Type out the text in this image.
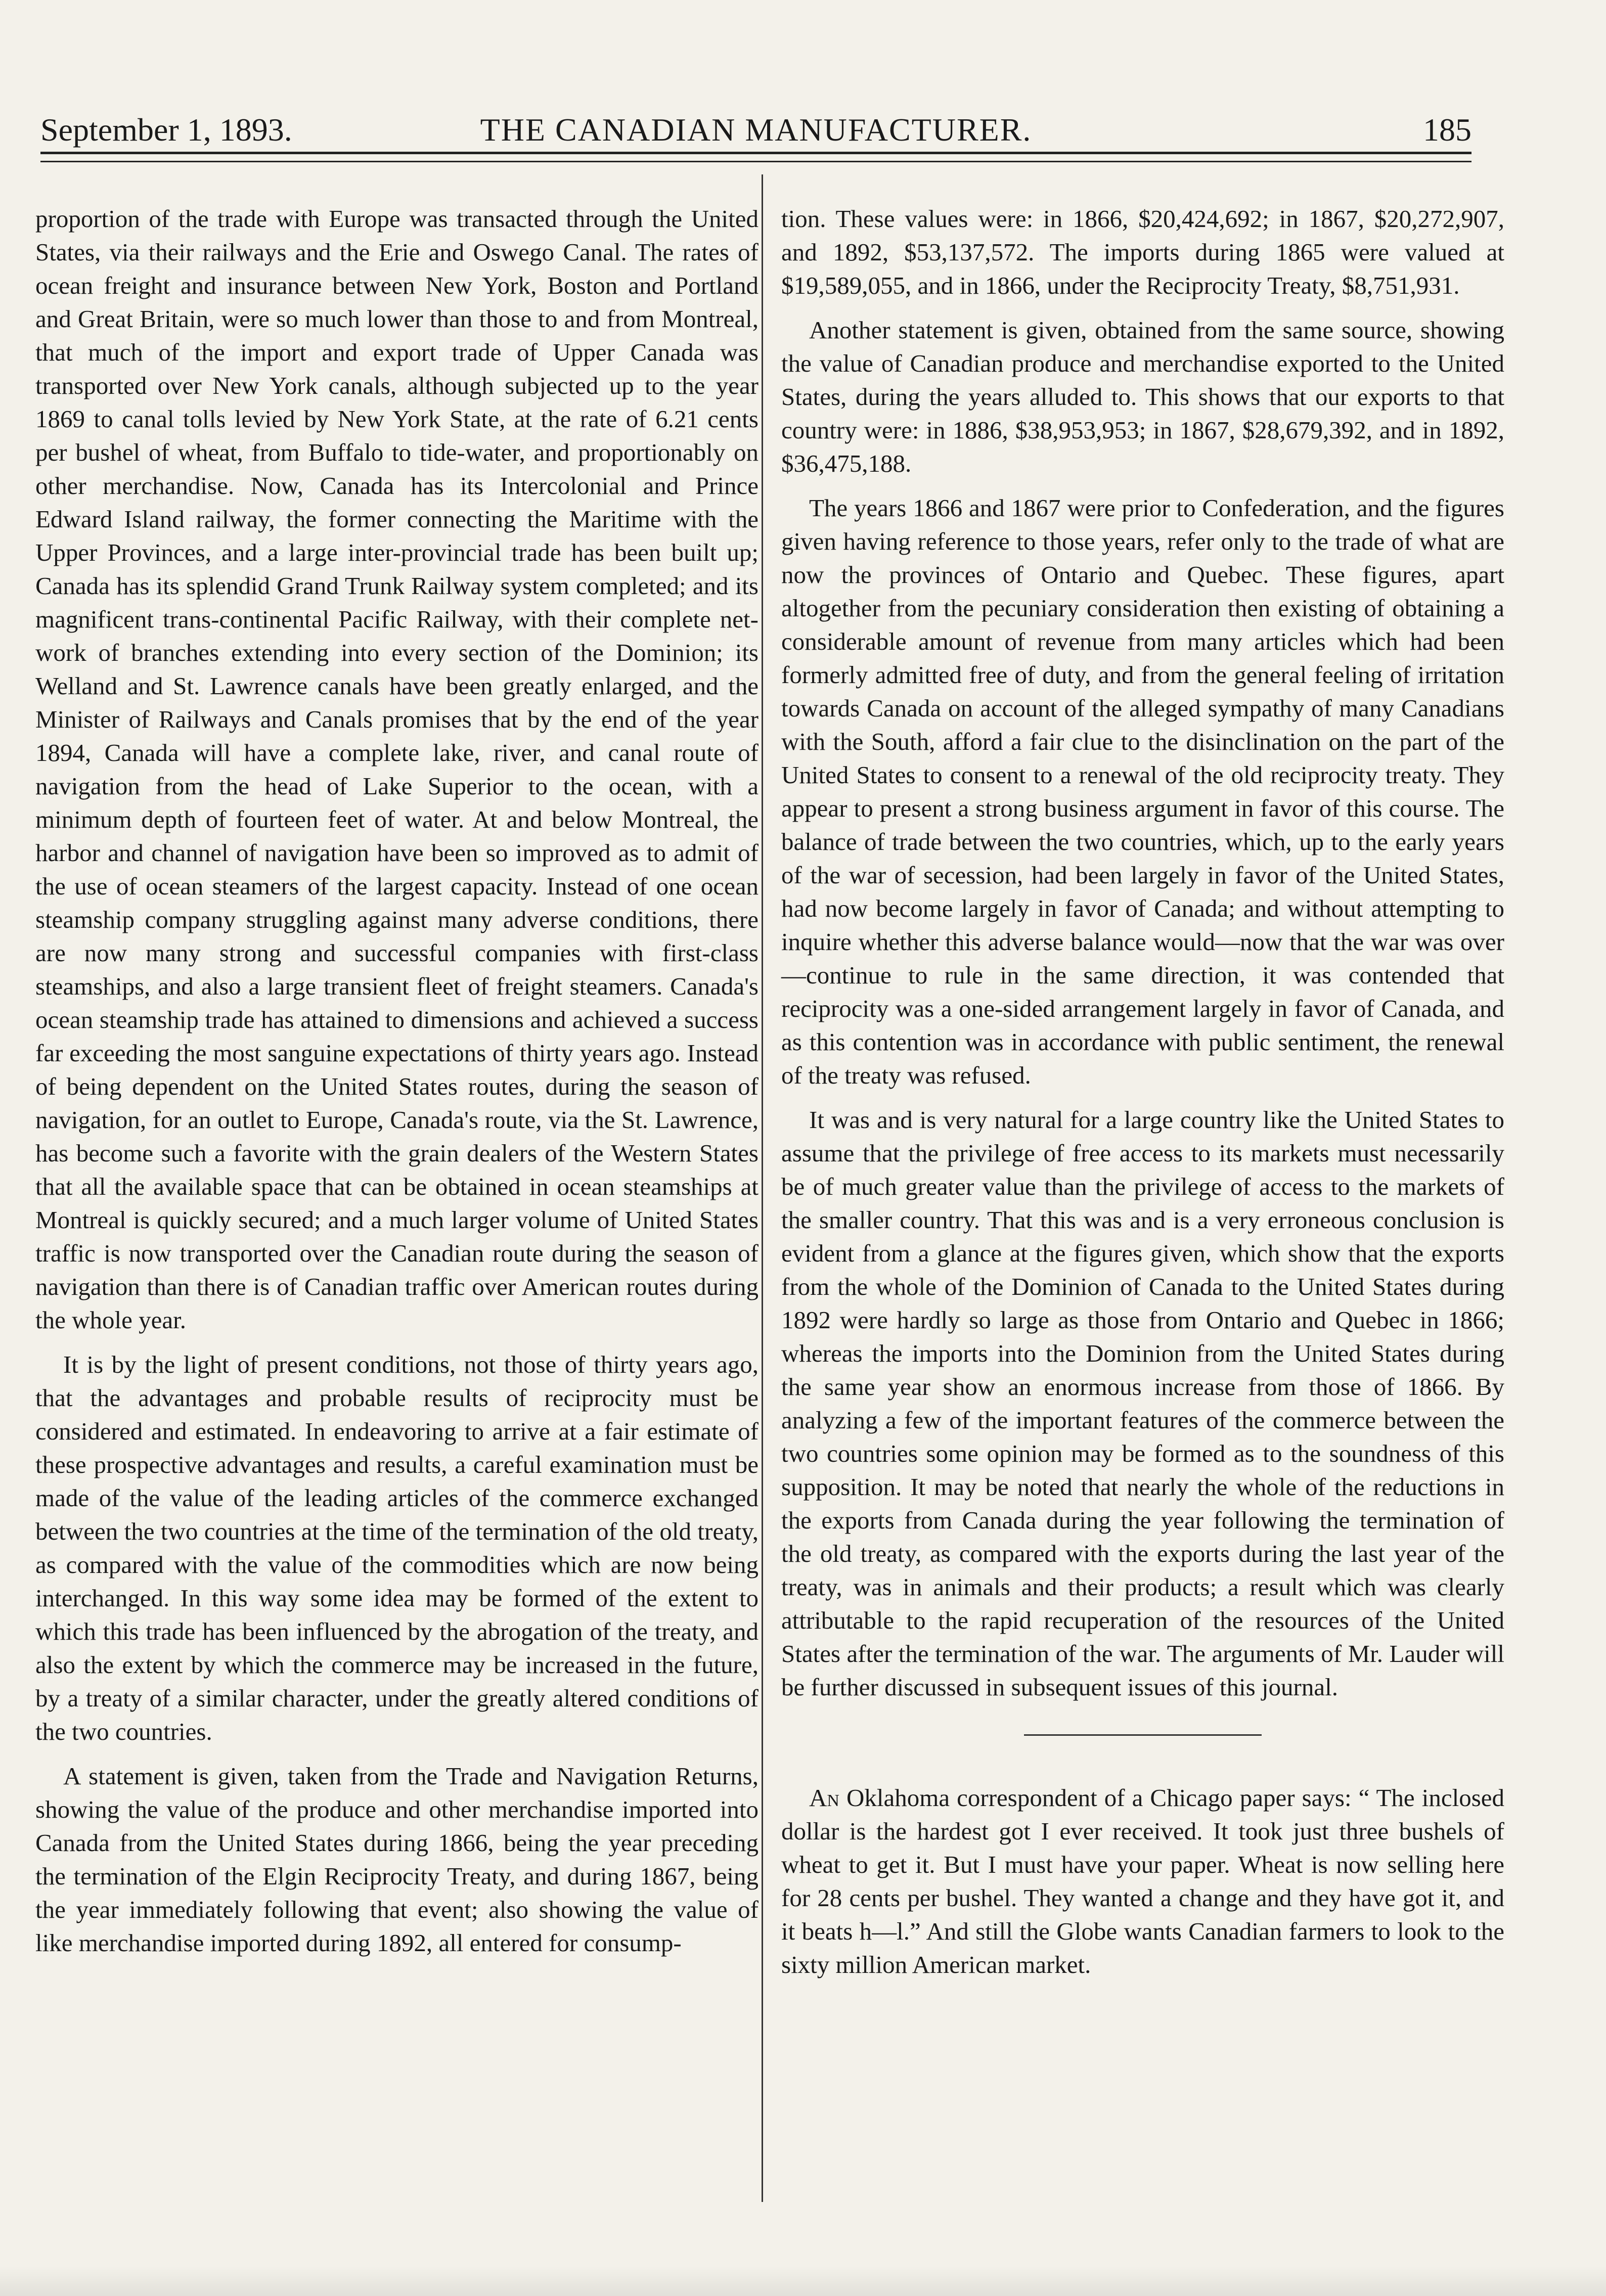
September 1, 1893.	THE CANADIAN MANUFACTURER.	185

proportion of the trade with Europe was transacted through the United States, via their railways and the Erie and Oswego Canal. The rates of ocean freight and insurance between New York, Boston and Portland and Great Britain, were so much lower than those to and from Montreal, that much of the import and export trade of Upper Canada was transported over New York canals, although subjected up to the year 1869 to canal tolls levied by New York State, at the rate of 6.21 cents per bushel of wheat, from Buffalo to tide-water, and proportionably on other merchandise. Now, Canada has its Intercolonial and Prince Edward Island railway, the former connecting the Maritime with the Upper Provinces, and a large inter-provincial trade has been built up; Canada has its splendid Grand Trunk Railway system completed; and its magnificent trans-continental Pacific Railway, with their complete net-work of branches extending into every section of the Dominion; its Welland and St. Lawrence canals have been greatly enlarged, and the Minister of Railways and Canals promises that by the end of the year 1894, Canada will have a complete lake, river, and canal route of navigation from the head of Lake Superior to the ocean, with a minimum depth of fourteen feet of water. At and below Montreal, the harbor and channel of navigation have been so improved as to admit of the use of ocean steamers of the largest capacity. Instead of one ocean steamship company struggling against many adverse conditions, there are now many strong and successful companies with first-class steamships, and also a large transient fleet of freight steamers. Canada's ocean steamship trade has attained to dimensions and achieved a success far exceeding the most sanguine expectations of thirty years ago. Instead of being dependent on the United States routes, during the season of navigation, for an outlet to Europe, Canada's route, via the St. Lawrence, has become such a favorite with the grain dealers of the Western States that all the available space that can be obtained in ocean steamships at Montreal is quickly secured; and a much larger volume of United States traffic is now transported over the Canadian route during the season of navigation than there is of Canadian traffic over American routes during the whole year.

It is by the light of present conditions, not those of thirty years ago, that the advantages and probable results of reciprocity must be considered and estimated. In endeavoring to arrive at a fair estimate of these prospective advantages and results, a careful examination must be made of the value of the leading articles of the commerce exchanged between the two countries at the time of the termination of the old treaty, as compared with the value of the commodities which are now being interchanged. In this way some idea may be formed of the extent to which this trade has been influenced by the abrogation of the treaty, and also the extent by which the commerce may be increased in the future, by a treaty of a similar character, under the greatly altered conditions of the two countries.

A statement is given, taken from the Trade and Navigation Returns, showing the value of the produce and other merchandise imported into Canada from the United States during 1866, being the year preceding the termination of the Elgin Reciprocity Treaty, and during 1867, being the year immediately following that event; also showing the value of like merchandise imported during 1892, all entered for consump-

tion. These values were: in 1866, $20,424,692; in 1867, $20,272,907, and 1892, $53,137,572. The imports during 1865 were valued at $19,589,055, and in 1866, under the Reciprocity Treaty, $8,751,931.

Another statement is given, obtained from the same source, showing the value of Canadian produce and merchandise exported to the United States, during the years alluded to. This shows that our exports to that country were: in 1886, $38,953,953; in 1867, $28,679,392, and in 1892, $36,475,188.

The years 1866 and 1867 were prior to Confederation, and the figures given having reference to those years, refer only to the trade of what are now the provinces of Ontario and Quebec. These figures, apart altogether from the pecuniary consideration then existing of obtaining a considerable amount of revenue from many articles which had been formerly admitted free of duty, and from the general feeling of irritation towards Canada on account of the alleged sympathy of many Canadians with the South, afford a fair clue to the disinclination on the part of the United States to consent to a renewal of the old reciprocity treaty. They appear to present a strong business argument in favor of this course. The balance of trade between the two countries, which, up to the early years of the war of secession, had been largely in favor of the United States, had now become largely in favor of Canada; and without attempting to inquire whether this adverse balance would—now that the war was over—continue to rule in the same direction, it was contended that reciprocity was a one-sided arrangement largely in favor of Canada, and as this contention was in accordance with public sentiment, the renewal of the treaty was refused.

It was and is very natural for a large country like the United States to assume that the privilege of free access to its markets must necessarily be of much greater value than the privilege of access to the markets of the smaller country. That this was and is a very erroneous conclusion is evident from a glance at the figures given, which show that the exports from the whole of the Dominion of Canada to the United States during 1892 were hardly so large as those from Ontario and Quebec in 1866; whereas the imports into the Dominion from the United States during the same year show an enormous increase from those of 1866. By analyzing a few of the important features of the commerce between the two countries some opinion may be formed as to the soundness of this supposition. It may be noted that nearly the whole of the reductions in the exports from Canada during the year following the termination of the old treaty, as compared with the exports during the last year of the treaty, was in animals and their products; a result which was clearly attributable to the rapid recuperation of the resources of the United States after the termination of the war. The arguments of Mr. Lauder will be further discussed in subsequent issues of this journal.

An Oklahoma correspondent of a Chicago paper says: “ The inclosed dollar is the hardest got I ever received. It took just three bushels of wheat to get it. But I must have your paper. Wheat is now selling here for 28 cents per bushel. They wanted a change and they have got it, and it beats h—l.” And still the Globe wants Canadian farmers to look to the sixty million American market.
